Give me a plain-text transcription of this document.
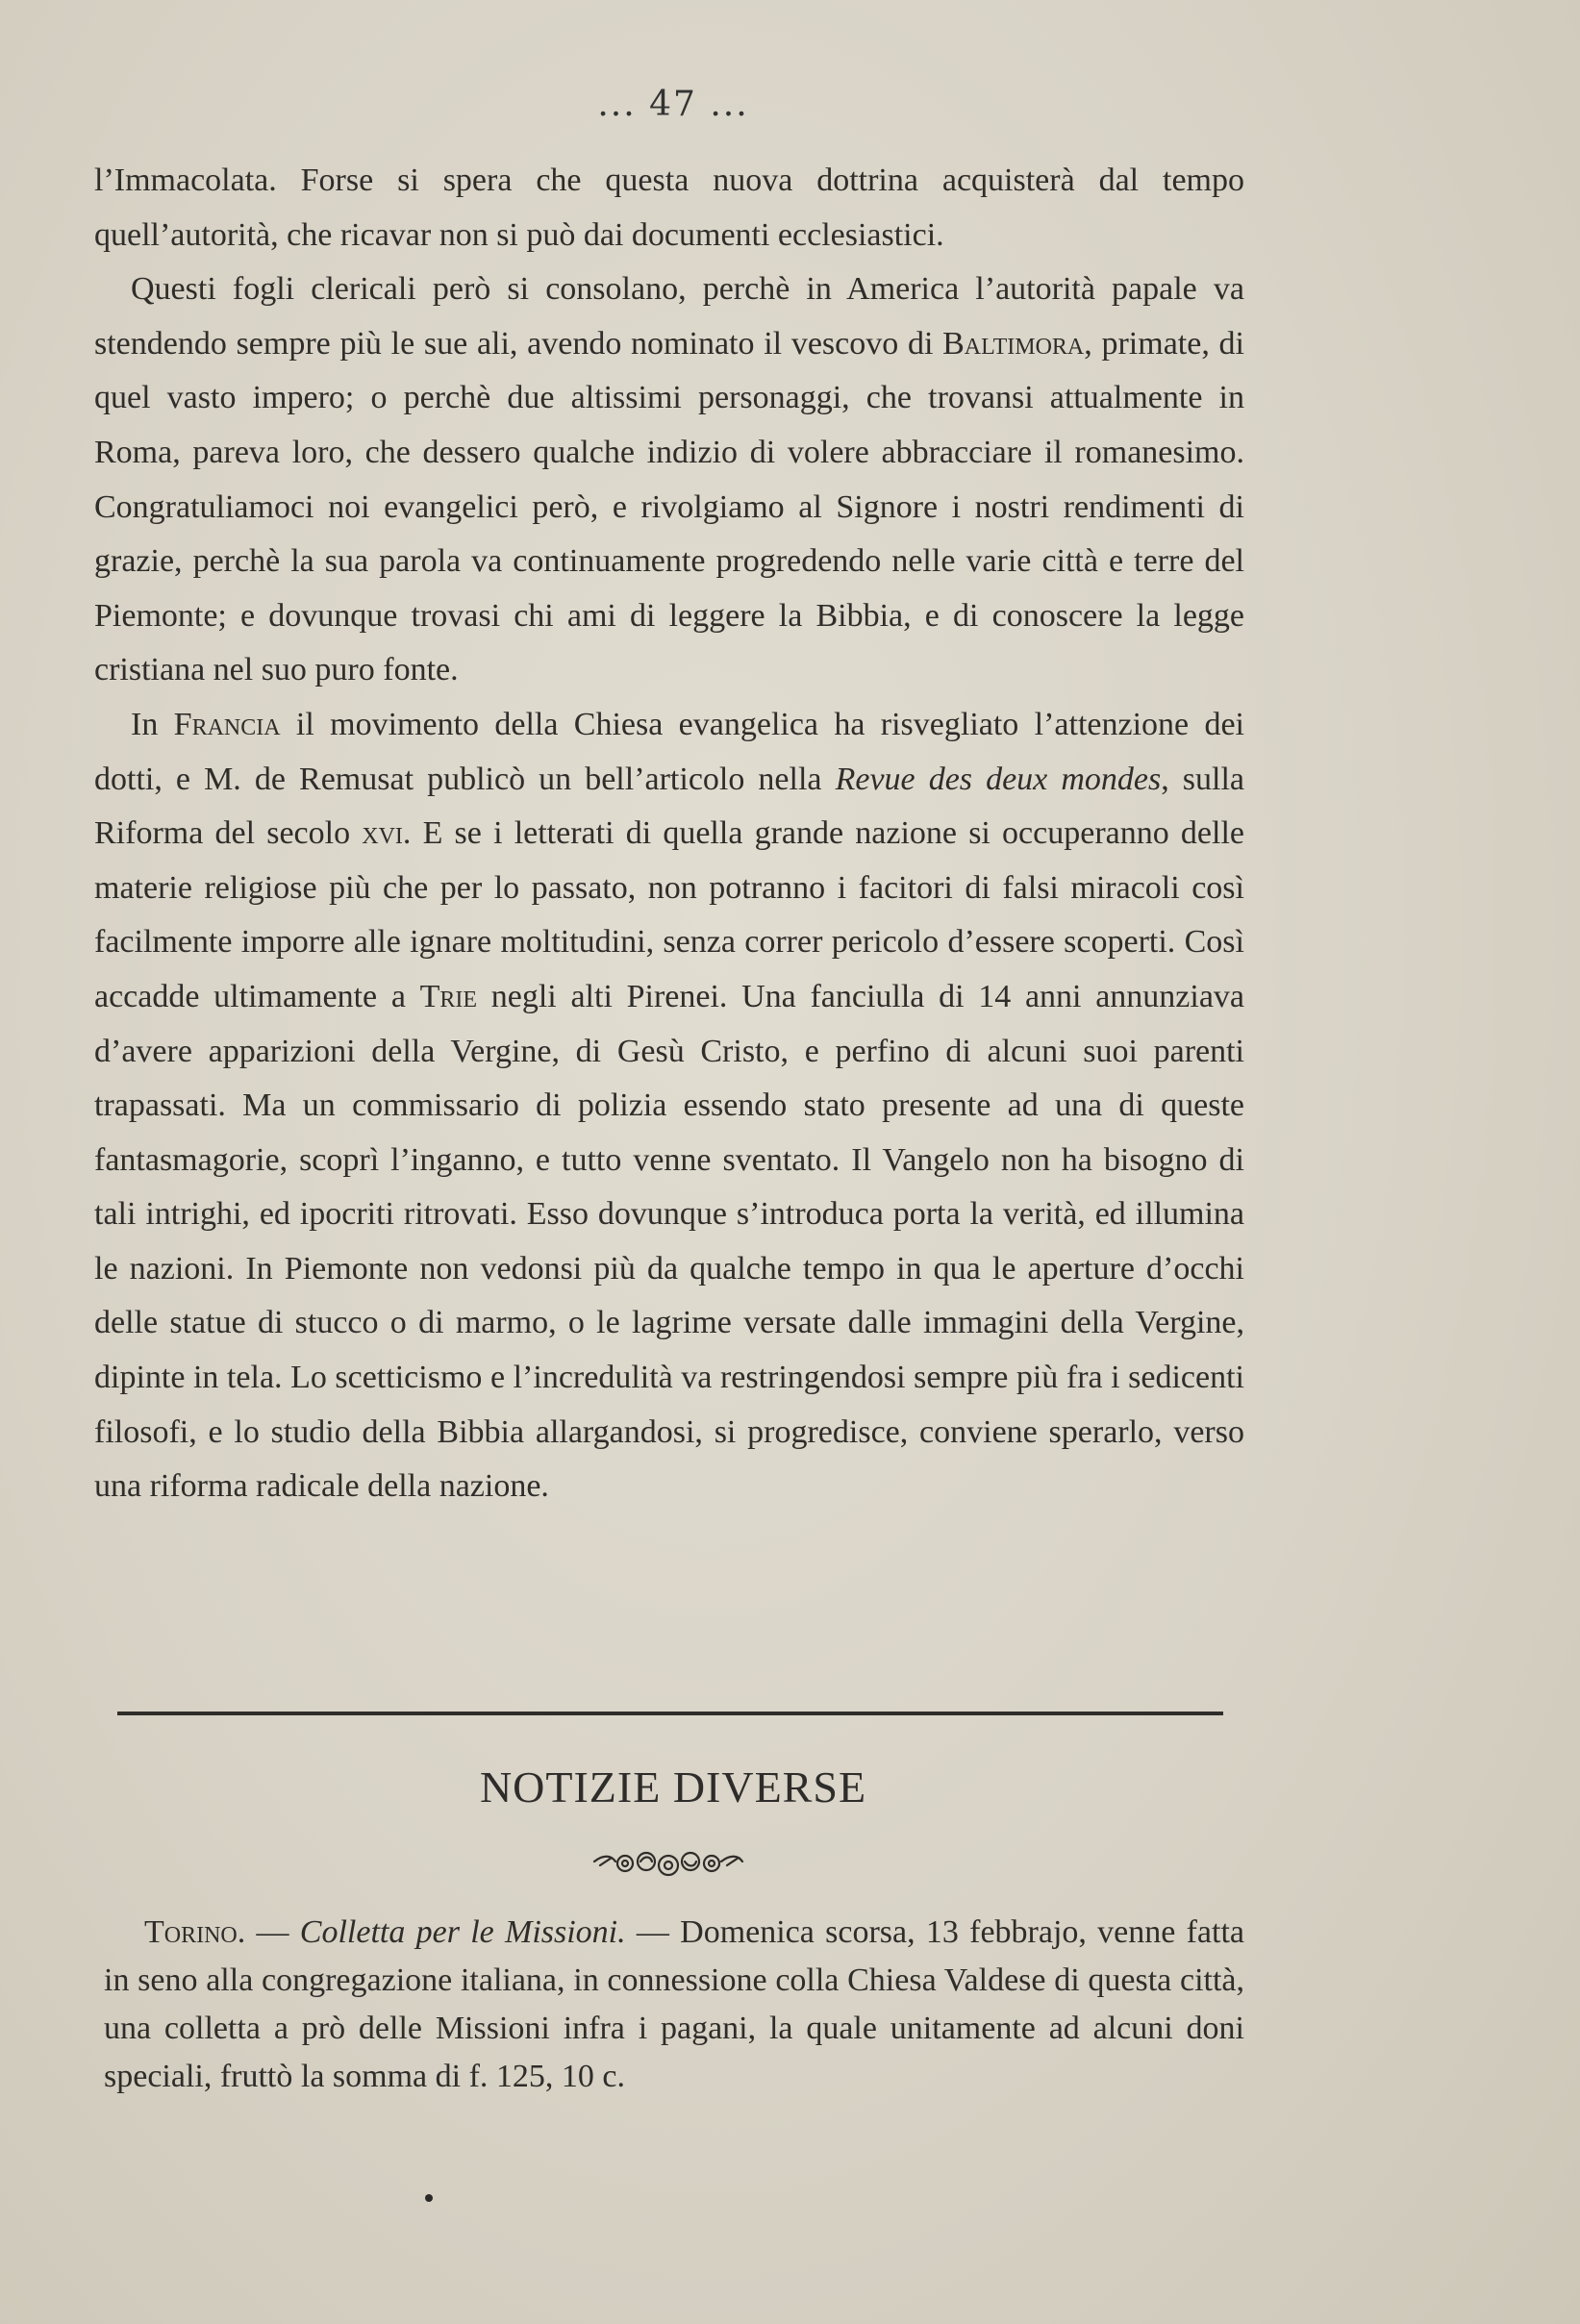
... 47 ...

l’Immacolata. Forse si spera che questa nuova dottrina acquisterà dal tempo quell’autorità, che ricavar non si può dai documenti ecclesiastici.

Questi fogli clericali però si consolano, perchè in America l’autorità papale va stendendo sempre più le sue ali, avendo nominato il vescovo di Baltimora, primate, di quel vasto impero; o perchè due altissimi personaggi, che trovansi attualmente in Roma, pareva loro, che dessero qualche indizio di volere abbracciare il romanesimo. Congratuliamoci noi evangelici però, e rivolgiamo al Signore i nostri rendimenti di grazie, perchè la sua parola va continuamente progredendo nelle varie città e terre del Piemonte; e dovunque trovasi chi ami di leggere la Bibbia, e di conoscere la legge cristiana nel suo puro fonte.

In Francia il movimento della Chiesa evangelica ha risvegliato l’attenzione dei dotti, e M. de Remusat publicò un bell’articolo nella Revue des deux mondes, sulla Riforma del secolo xvi. E se i letterati di quella grande nazione si occuperanno delle materie religiose più che per lo passato, non potranno i facitori di falsi miracoli così facilmente imporre alle ignare moltitudini, senza correr pericolo d’essere scoperti. Così accadde ultimamente a Trie negli alti Pirenei. Una fanciulla di 14 anni annunziava d’avere apparizioni della Vergine, di Gesù Cristo, e perfino di alcuni suoi parenti trapassati. Ma un commissario di polizia essendo stato presente ad una di queste fantasmagorie, scoprì l’inganno, e tutto venne sventato. Il Vangelo non ha bisogno di tali intrighi, ed ipocriti ritrovati. Esso dovunque s’introduca porta la verità, ed illumina le nazioni. In Piemonte non vedonsi più da qualche tempo in qua le aperture d’occhi delle statue di stucco o di marmo, o le lagrime versate dalle immagini della Vergine, dipinte in tela. Lo scetticismo e l’incredulità va restringendosi sempre più fra i sedicenti filosofi, e lo studio della Bibbia allargandosi, si progredisce, conviene sperarlo, verso una riforma radicale della nazione.

NOTIZIE DIVERSE

Torino. — Colletta per le Missioni. — Domenica scorsa, 13 febbrajo, venne fatta in seno alla congregazione italiana, in connessione colla Chiesa Valdese di questa città, una colletta a prò delle Missioni infra i pagani, la quale unitamente ad alcuni doni speciali, fruttò la somma di f. 125, 10 c.
